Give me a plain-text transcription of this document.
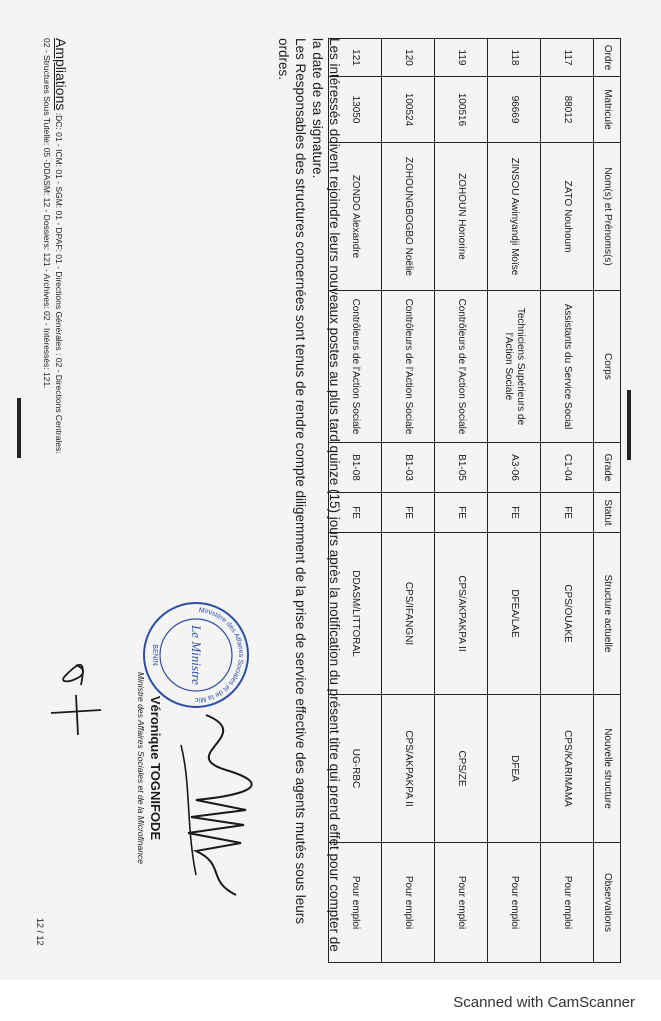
Ordre	Matricule	Nom(s) et Prénoms(s)	Corps	Grade	Statut	Structure actuelle	Nouvelle structure	Observations
117	88012	ZATO Nouhoum	Assistants du Service Social	C1-04	FE	CPS/OUAKE	CPS/KARIMAMA	Pour emploi
118	96669	ZINSOU Awinyandji Moïse	Techniciens Supérieurs de l'Action Sociale	A3-06	FE	DFEA/LAE	DFEA	Pour emploi
119	100516	ZOHOUN Honorine	Contrôleurs de l'Action Sociale	B1-05	FE	CPS/AKPAKPA II	CPS/ZE	Pour emploi
120	100524	ZOHOUNGBOGBO Noëlie	Contrôleurs de l'Action Sociale	B1-03	FE	CPS/IFANGNI	CPS/AKPAKPA II	Pour emploi
121	13050	ZONDO Alexandre	Contrôleurs de l'Action Sociale	B1-08	FE	DDASM/LITTORAL	UG-RBC	Pour emploi

Les intéressés doivent rejoindre leurs nouveaux postes au plus tard quinze (15) jours après la notification du présent titre qui prend effet pour compter de la date de sa signature.

Les Responsables des structures concernées sont tenus de rendre compte diligemment de la prise de service effective des agents mutés sous leurs ordres.

Ampliations :DC: 01 - ICM: 01 - SGM: 01 - DPAF: 01 - Directions Générales : 02 - Directions Centrales:
02 - Structures Sous Tutelle: 05 -DDASM: 12 - Dossiers: 121 - Archives: 02 - Intéressés: 121.
Ministère des Affaires Sociales et de la Mic
Le Ministre
BENIN
Véronique TOGNIFODE
Ministre des Affaires Sociales et de la Microfinance
12 / 12
Scanned with CamScanner
